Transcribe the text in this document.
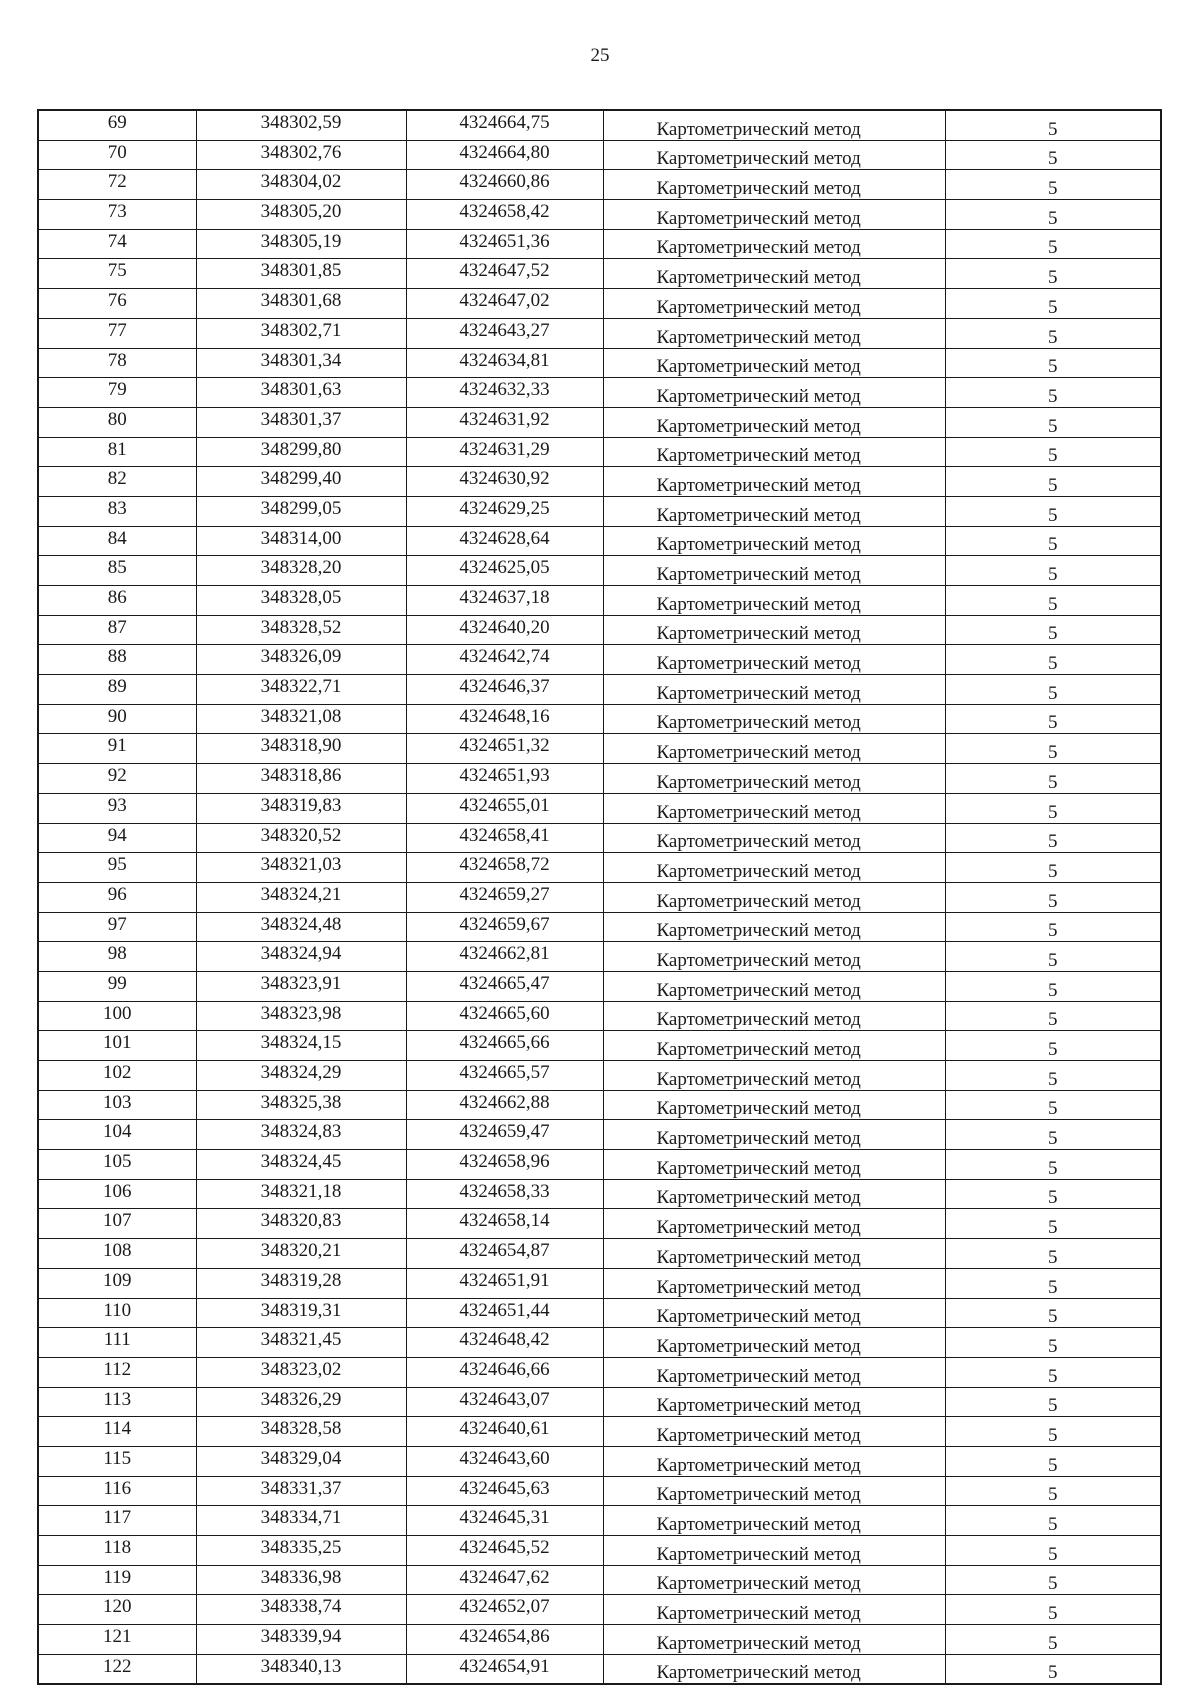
25
69	348302,59	4324664,75	Картометрический метод	5
70	348302,76	4324664,80	Картометрический метод	5
72	348304,02	4324660,86	Картометрический метод	5
73	348305,20	4324658,42	Картометрический метод	5
74	348305,19	4324651,36	Картометрический метод	5
75	348301,85	4324647,52	Картометрический метод	5
76	348301,68	4324647,02	Картометрический метод	5
77	348302,71	4324643,27	Картометрический метод	5
78	348301,34	4324634,81	Картометрический метод	5
79	348301,63	4324632,33	Картометрический метод	5
80	348301,37	4324631,92	Картометрический метод	5
81	348299,80	4324631,29	Картометрический метод	5
82	348299,40	4324630,92	Картометрический метод	5
83	348299,05	4324629,25	Картометрический метод	5
84	348314,00	4324628,64	Картометрический метод	5
85	348328,20	4324625,05	Картометрический метод	5
86	348328,05	4324637,18	Картометрический метод	5
87	348328,52	4324640,20	Картометрический метод	5
88	348326,09	4324642,74	Картометрический метод	5
89	348322,71	4324646,37	Картометрический метод	5
90	348321,08	4324648,16	Картометрический метод	5
91	348318,90	4324651,32	Картометрический метод	5
92	348318,86	4324651,93	Картометрический метод	5
93	348319,83	4324655,01	Картометрический метод	5
94	348320,52	4324658,41	Картометрический метод	5
95	348321,03	4324658,72	Картометрический метод	5
96	348324,21	4324659,27	Картометрический метод	5
97	348324,48	4324659,67	Картометрический метод	5
98	348324,94	4324662,81	Картометрический метод	5
99	348323,91	4324665,47	Картометрический метод	5
100	348323,98	4324665,60	Картометрический метод	5
101	348324,15	4324665,66	Картометрический метод	5
102	348324,29	4324665,57	Картометрический метод	5
103	348325,38	4324662,88	Картометрический метод	5
104	348324,83	4324659,47	Картометрический метод	5
105	348324,45	4324658,96	Картометрический метод	5
106	348321,18	4324658,33	Картометрический метод	5
107	348320,83	4324658,14	Картометрический метод	5
108	348320,21	4324654,87	Картометрический метод	5
109	348319,28	4324651,91	Картометрический метод	5
110	348319,31	4324651,44	Картометрический метод	5
111	348321,45	4324648,42	Картометрический метод	5
112	348323,02	4324646,66	Картометрический метод	5
113	348326,29	4324643,07	Картометрический метод	5
114	348328,58	4324640,61	Картометрический метод	5
115	348329,04	4324643,60	Картометрический метод	5
116	348331,37	4324645,63	Картометрический метод	5
117	348334,71	4324645,31	Картометрический метод	5
118	348335,25	4324645,52	Картометрический метод	5
119	348336,98	4324647,62	Картометрический метод	5
120	348338,74	4324652,07	Картометрический метод	5
121	348339,94	4324654,86	Картометрический метод	5
122	348340,13	4324654,91	Картометрический метод	5
